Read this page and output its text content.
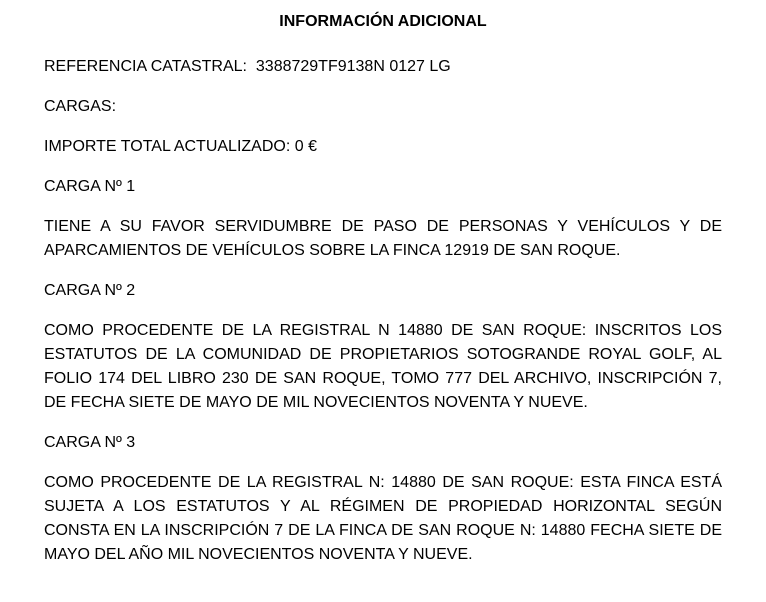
INFORMACIÓN ADICIONAL
REFERENCIA CATASTRAL:  3388729TF9138N 0127 LG
CARGAS:
IMPORTE TOTAL ACTUALIZADO: 0 €
CARGA Nº 1
TIENE A SU FAVOR SERVIDUMBRE DE PASO DE PERSONAS Y VEHÍCULOS Y DE APARCAMIENTOS DE VEHÍCULOS SOBRE LA FINCA 12919 DE SAN ROQUE.
CARGA Nº 2
COMO PROCEDENTE DE LA REGISTRAL N 14880 DE SAN ROQUE: INSCRITOS LOS ESTATUTOS DE LA COMUNIDAD DE PROPIETARIOS SOTOGRANDE ROYAL GOLF, AL FOLIO 174 DEL LIBRO 230 DE SAN ROQUE, TOMO 777 DEL ARCHIVO, INSCRIPCIÓN 7, DE FECHA SIETE DE MAYO DE MIL NOVECIENTOS NOVENTA Y NUEVE.
CARGA Nº 3
COMO PROCEDENTE DE LA REGISTRAL N: 14880 DE SAN ROQUE: ESTA FINCA ESTÁ SUJETA A LOS ESTATUTOS Y AL RÉGIMEN DE PROPIEDAD HORIZONTAL SEGÚN CONSTA EN LA INSCRIPCIÓN 7 DE LA FINCA DE SAN ROQUE N: 14880 FECHA SIETE DE MAYO DEL AÑO MIL NOVECIENTOS NOVENTA Y NUEVE.
